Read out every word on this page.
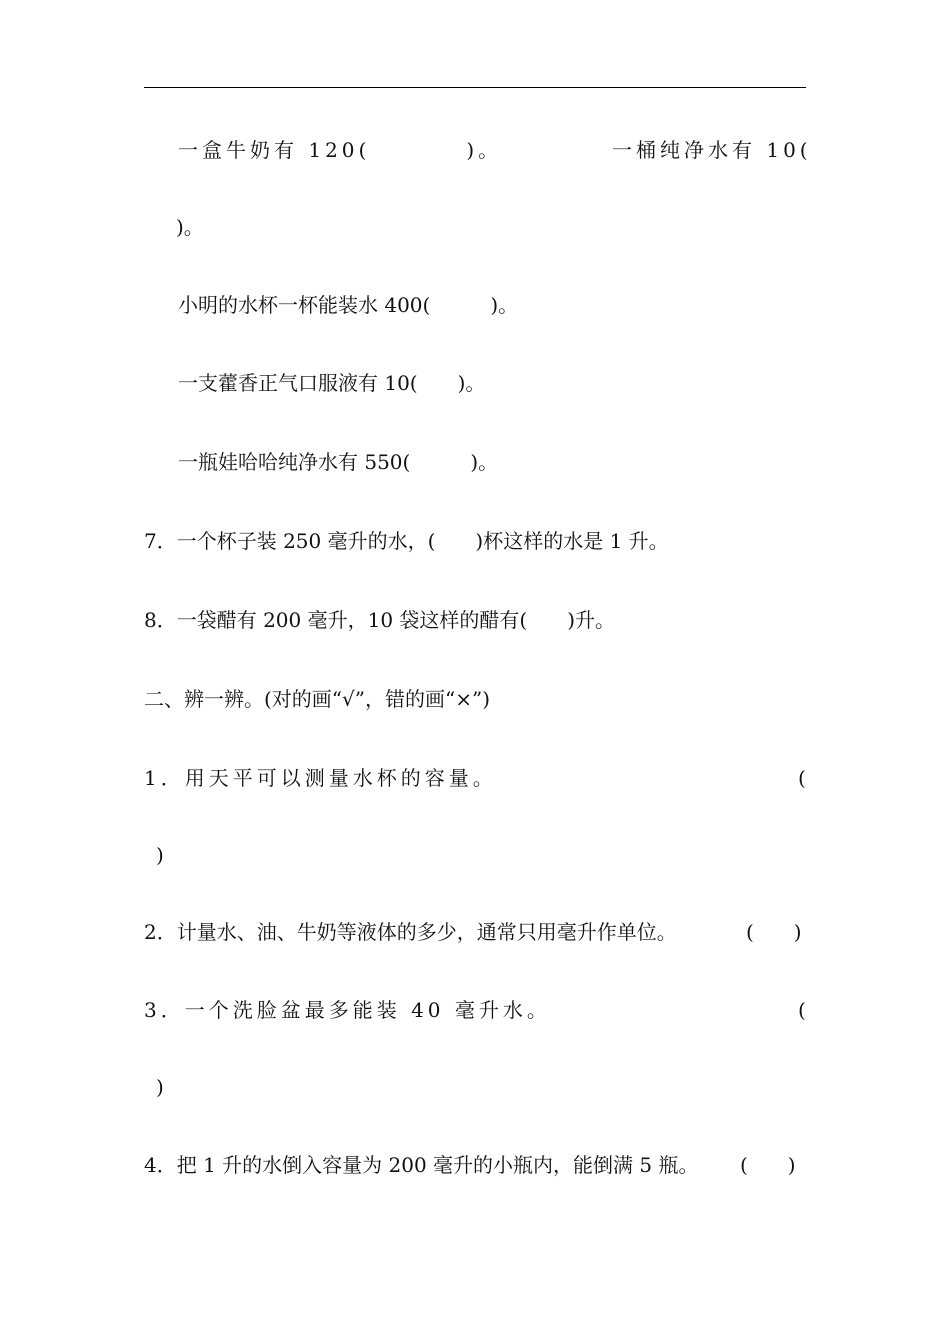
一盒牛奶有 120(　　　　)。	一桶纯净水有 10(
)。
小明的水杯一杯能装水 400(　　　)。
一支藿香正气口服液有 10(　　)。
一瓶娃哈哈纯净水有 550(　　　)。
7．一个杯子装 250 毫升的水，(　　)杯这样的水是 1 升。
8．一袋醋有 200 毫升，10 袋这样的醋有(　　)升。
二、辨一辨。(对的画“√”，错的画“×”)
1．用天平可以测量水杯的容量。	(
)
2．计量水、油、牛奶等液体的多少，通常只用毫升作单位。	(　　)
3．一个洗脸盆最多能装 40 毫升水。	(
)
4．把 1 升的水倒入容量为 200 毫升的小瓶内，能倒满 5 瓶。 (　　)
